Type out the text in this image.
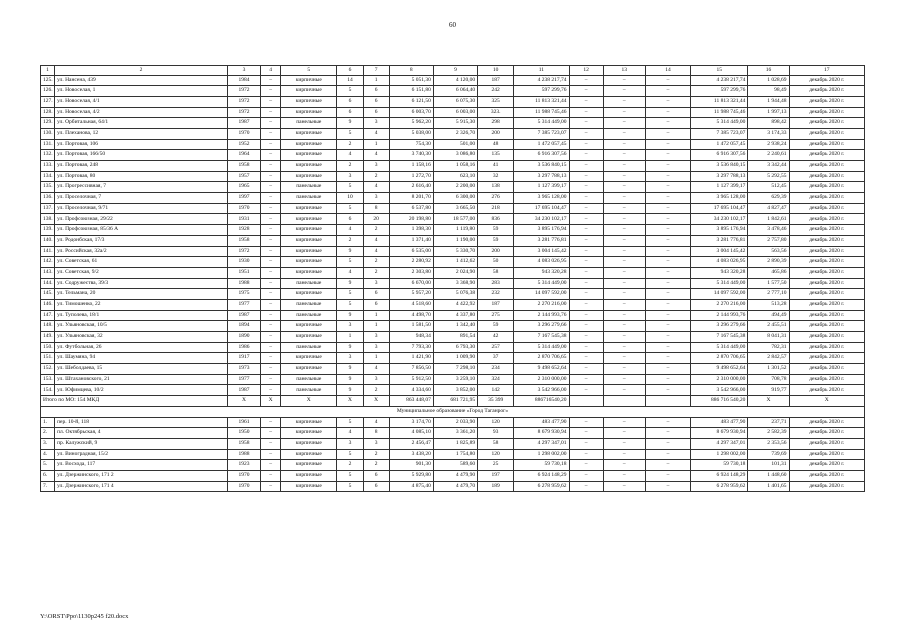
60
1	2	3	4	5	6	7	8	9	10	11	12	13	14	15	16	17
125.	ул. Нансена, 439	1984	–	кирпичные	14	1	5 051,30	4 120,00	187	4 238 217,74	–	–	–	4 238 217,74	1 028,69	декабрь 2020 г.
126.	ул. Новоселая, 1	1972	–	кирпичные	5	6	6 151,80	6 064,40	242	597 299,76	–	–	–	597 299,76	98,49	декабрь 2020 г.
127.	ул. Новоселая, 4/1	1972	–	кирпичные	6	6	6 121,50	6 075,30	325	11 813 321,44	–	–	–	11 813 321,44	1 944,48	декабрь 2020 г.
128.	ул. Новоселая, 4/2	1972	–	кирпичные	6	6	6 003,70	6 003,00	323.	11 988 745,46	–	–	–	11 988 745,46	1 997,13	декабрь 2020 г.
129.	ул. Орбитальная, 64/1	1987	–	панельные	9	3	5 962,20	5 915,30	298	5 314 449,00	–	–	–	5 314 449,00	898,42	декабрь 2020 г.
130.	ул. Плеханова, 12	1970	–	кирпичные	5	4	5 038,00	2 326,70	200	7 385 723,07	–	–	–	7 385 723,07	3 174,33	декабрь 2020 г.
131.	ул. Портовая, 106	1952	–	кирпичные	2	1	754,30	501,00	48	1 472 057,45	–	–	–	1 472 057,45	2 938,24	декабрь 2020 г.
132.	ул. Портовая, 166/50	1964	–	кирпичные	4	4	3 740,30	3 086,80	135	6 916 307,56	–	–	–	6 916 307,56	2 240,61	декабрь 2020 г.
133.	ул. Портовая, 248	1958	–	кирпичные	2	3	1 158,16	1 058,16	41	3 536 840,15	–	–	–	3 536 840,15	3 342,44	декабрь 2020 г.
134.	ул. Портовая, 80	1957	–	кирпичные	3	2	1 272,70	623,10	32	3 297 788,13	–	–	–	3 297 788,13	5 292,55	декабрь 2020 г.
135.	ул. Прогрессивная, 7	1965	–	панельные	5	4	2 616,40	2 200,00	138	1 127 399,17	–	–	–	1 127 399,17	512,45	декабрь 2020 г.
136.	ул. Проселочная, 7	1997	–	панельные	10	3	8 201,70	6 300,00	276	3 965 128,00	–	–	–	3 965 128,00	629,39	декабрь 2020 г.
137.	ул. Проселочная, 9/71	1970	–	кирпичные	5	8	6 537,80	3 665,50	218	17 695 104,47	–	–	–	17 695 104,47	4 827,47	декабрь 2020 г.
138.	ул. Профсоюзная, 29/22	1931	–	кирпичные	6	20	20 198,80	18 577,00	836	34 230 102,17	–	–	–	34 230 102,17	1 842,61	декабрь 2020 г.
139.	ул. Профсоюзная, 85/36 А	1928	–	кирпичные	4	2	1 398,30	1 119,80	59	3 895 176,94	–	–	–	3 895 176,94	3 478,46	декабрь 2020 г.
140.	ул. Родонбская, 17/3	1958	–	кирпичные	2	4	1 371,40	1 190,00	59	3 281 776,81	–	–	–	3 281 776,81	2 757,80	декабрь 2020 г.
141.	ул. Российская, 32а/2	1972	–	кирпичные	9	4	6 535,00	5 330,70	200	3 004 145,42	–	–	–	3 004 145,42	563,56	декабрь 2020 г.
142.	ул. Советская, 61	1930	–	кирпичные	5	2	2 280,92	1 412,62	50	4 083 026,95	–	–	–	4 083 026,95	2 890,39	декабрь 2020 г.
143.	ул. Советская, 9/2	1951	–	кирпичные	4	2	2 303,80	2 024,90	58	943 320,28	–	–	–	943 320,28	465,86	декабрь 2020 г.
144.	ул. Содружества, 39/3	1988	–	панельные	9	3	6 670,00	3 368,90	283	5 314 449,00	–	–	–	5 314 449,00	1 577,50	декабрь 2020 г.
145.	ул. Тельмана, 20	1975	–	кирпичные	5	6	5 957,20	5 076,38	232	14 097 592,00	–	–	–	14 097 592,00	2 777,10	декабрь 2020 г.
146.	ул. Тимошенко, 22	1977	–	панельные	5	6	4 518,60	4 422,92	187	2 270 216,00	–	–	–	2 270 216,00	513,28	декабрь 2020 г.
147.	ул. Туполева, 18/1	1987	–	панельные	9	1	4 498,70	4 337,80	275	2 144 993,76	–	–	–	2 144 993,76	494,49	декабрь 2020 г.
148.	ул. Ульяновская, 10/5	1894	–	кирпичные	3	1	1 581,50	1 342,40	59	3 296 279,66	–	–	–	3 296 279,66	2 455,51	декабрь 2020 г.
149.	ул. Ульяновская, 32	1890	–	кирпичные	1	3	948,34	891,54	42	7 167 545,38	–	–	–	7 167 545,38	8 041,31	декабрь 2020 г.
150.	ул. Футбольная, 26	1986	–	панельные	9	3	7 793,30	6 793,30	257	5 314 449,00	–	–	–	5 314 449,00	782,31	декабрь 2020 г.
151.	ул. Шаумяна, 94	1917	–	кирпичные	3	1	1 421,90	1 009,90	37	2 870 706,65	–	–	–	2 870 706,65	2 842,57	декабрь 2020 г.
152.	ул. Шеболдаева, 15	1973	–	кирпичные	9	4	7 856,50	7 298,10	234	9 498 652,64	–	–	–	9 498 652,64	1 301,52	декабрь 2020 г.
153.	ул. Штахановского, 21	1977	–	панельные	9	3	5 912,50	3 259,10	324	2 310 000,00	–	–	–	2 310 000,00	708,78	декабрь 2020 г.
154.	ул. Юфимцева, 10/2	1987	–	панельные	9	2	4 334,60	3 852,00	142	3 542 966,00	–	–	–	3 542 966,00	919,77	декабрь 2020 г.
Итого по МО: 154 МКД		Х	Х	Х	Х	Х	863 448,07	681 721,95	35 399	886716540,20				886 716 540,20	Х	Х
Муниципальное образование «Город Таганрог»																
1.	пер. 10-й, 118	1961	–	кирпичные	5	4	3 174,70	2 033,90	120	483 477,90	–	–	–	483 477,90	237,71	декабрь 2020 г.
2.	пл. Октябрьская, 4	1950	–	кирпичные	4	8	4 085,10	3 361,20	93	8 679 930,94	–	–	–	8 679 930,94	2 582,39	декабрь 2020 г.
3.	пр. Калужский, 9	1958	–	кирпичные	3	3	2 456,47	1 825,89	58	4 297 347,01	–	–	–	4 297 347,01	2 353,56	декабрь 2020 г.
4.	ул. Виноградная, 15/2	1988	–	кирпичные	5	2	3 438,20	1 754,80	120	1 298 002,00	–	–	–	1 298 002,00	739,69	декабрь 2020 г.
5.	ул. Восхода, 117	1923	–	кирпичные	2	2	901,30	589,60	25	59 730,18	–	–	–	59 730,18	101,31	декабрь 2020 г.
6.	ул. Дзержинского, 171 2	1970	–	кирпичные	5	6	5 929,80	4 479,90	197	6 924 148,29	–	–	–	6 924 148,29	1 448,60	декабрь 2020 г.
7.	ул. Дзержинского, 171 4	1970	–	кирпичные	5	6	4 875,40	4 479,70	189	6 278 959,62	–	–	–	6 278 959,62	1 401,65	декабрь 2020 г.
Y:\ORST\Ppo\1130p245 f20.docx
